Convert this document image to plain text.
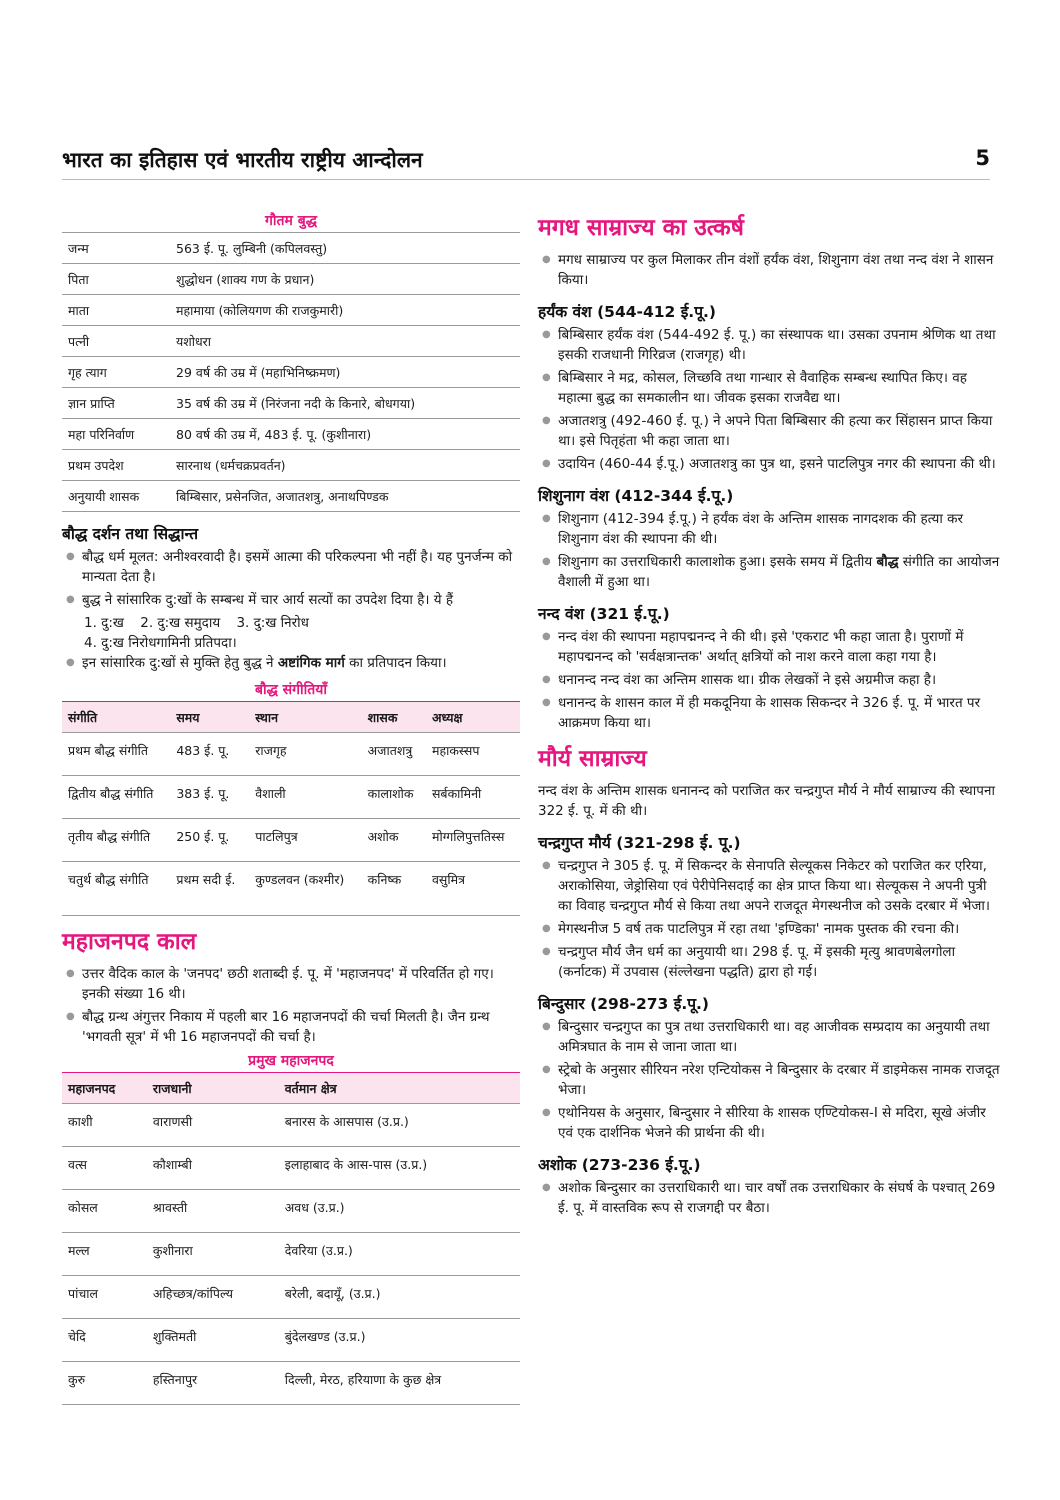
भारत का इतिहास एवं भारतीय राष्ट्रीय आन्दोलन	5
गौतम बुद्ध
जन्म	563 ई. पू. लुम्बिनी (कपिलवस्तु)
पिता	शुद्धोधन (शाक्य गण के प्रधान)
माता	महामाया (कोलियगण की राजकुमारी)
पत्नी	यशोधरा
गृह त्याग	29 वर्ष की उम्र में (महाभिनिष्क्रमण)
ज्ञान प्राप्ति	35 वर्ष की उम्र में (निरंजना नदी के किनारे, बोधगया)
महा परिनिर्वाण	80 वर्ष की उम्र में, 483 ई. पू. (कुशीनारा)
प्रथम उपदेश	सारनाथ (धर्मचक्रप्रवर्तन)
अनुयायी शासक	बिम्बिसार, प्रसेनजित, अजातशत्रु, अनाथपिण्डक
बौद्ध दर्शन तथा सिद्धान्त
● बौद्ध धर्म मूलत: अनीश्वरवादी है। इसमें आत्मा की परिकल्पना भी नहीं है। यह पुनर्जन्म को मान्यता देता है।
● बुद्ध ने सांसारिक दु:खों के सम्बन्ध में चार आर्य सत्यों का उपदेश दिया है। ये हैं
1. दु:ख 2. दु:ख समुदाय 3. दु:ख निरोध
4. दु:ख निरोधगामिनी प्रतिपदा।
● इन सांसारिक दु:खों से मुक्ति हेतु बुद्ध ने अष्टांगिक मार्ग का प्रतिपादन किया।
बौद्ध संगीतियाँ
संगीति	समय	स्थान	शासक	अध्यक्ष
प्रथम बौद्ध संगीति	483 ई. पू.	राजगृह	अजातशत्रु	महाकस्सप
द्वितीय बौद्ध संगीति	383 ई. पू.	वैशाली	कालाशोक	सर्बकामिनी
तृतीय बौद्ध संगीति	250 ई. पू.	पाटलिपुत्र	अशोक	मोग्गलिपुत्ततिस्स
चतुर्थ बौद्ध संगीति	प्रथम सदी ई.	कुण्डलवन (कश्मीर)	कनिष्क	वसुमित्र
महाजनपद काल
● उत्तर वैदिक काल के 'जनपद' छठी शताब्दी ई. पू. में 'महाजनपद' में परिवर्तित हो गए। इनकी संख्या 16 थी।
● बौद्ध ग्रन्थ अंगुत्तर निकाय में पहली बार 16 महाजनपदों की चर्चा मिलती है। जैन ग्रन्थ 'भगवती सूत्र' में भी 16 महाजनपदों की चर्चा है।
प्रमुख महाजनपद
महाजनपद	राजधानी	वर्तमान क्षेत्र
काशी	वाराणसी	बनारस के आसपास (उ.प्र.)
वत्स	कौशाम्बी	इलाहाबाद के आस-पास (उ.प्र.)
कोसल	श्रावस्ती	अवध (उ.प्र.)
मल्ल	कुशीनारा	देवरिया (उ.प्र.)
पांचाल	अहिच्छत्र/कांपिल्य	बरेली, बदायूँ, (उ.प्र.)
चेदि	शुक्तिमती	बुंदेलखण्ड (उ.प्र.)
कुरु	हस्तिनापुर	दिल्ली, मेरठ, हरियाणा के कुछ क्षेत्र
मगध साम्राज्य का उत्कर्ष
● मगध साम्राज्य पर कुल मिलाकर तीन वंशों हर्यंक वंश, शिशुनाग वंश तथा नन्द वंश ने शासन किया।
हर्यंक वंश (544-412 ई.पू.)
● बिम्बिसार हर्यंक वंश (544-492 ई. पू.) का संस्थापक था। उसका उपनाम श्रेणिक था तथा इसकी राजधानी गिरिव्रज (राजगृह) थी।
● बिम्बिसार ने मद्र, कोसल, लिच्छवि तथा गान्धार से वैवाहिक सम्बन्ध स्थापित किए। वह महात्मा बुद्ध का समकालीन था। जीवक इसका राजवैद्य था।
● अजातशत्रु (492-460 ई. पू.) ने अपने पिता बिम्बिसार की हत्या कर सिंहासन प्राप्त किया था। इसे पितृहंता भी कहा जाता था।
● उदायिन (460-44 ई.पू.) अजातशत्रु का पुत्र था, इसने पाटलिपुत्र नगर की स्थापना की थी।
शिशुनाग वंश (412-344 ई.पू.)
● शिशुनाग (412-394 ई.पू.) ने हर्यंक वंश के अन्तिम शासक नागदशक की हत्या कर शिशुनाग वंश की स्थापना की थी।
● शिशुनाग का उत्तराधिकारी कालाशोक हुआ। इसके समय में द्वितीय बौद्ध संगीति का आयोजन वैशाली में हुआ था।
नन्द वंश (321 ई.पू.)
● नन्द वंश की स्थापना महापद्मनन्द ने की थी। इसे 'एकराट भी कहा जाता है। पुराणों में महापद्मनन्द को 'सर्वक्षत्रान्तक' अर्थात् क्षत्रियों को नाश करने वाला कहा गया है।
● धनानन्द नन्द वंश का अन्तिम शासक था। ग्रीक लेखकों ने इसे अग्रमीज कहा है।
● धनानन्द के शासन काल में ही मकदूनिया के शासक सिकन्दर ने 326 ई. पू. में भारत पर आक्रमण किया था।
मौर्य साम्राज्य
नन्द वंश के अन्तिम शासक धनानन्द को पराजित कर चन्द्रगुप्त मौर्य ने मौर्य साम्राज्य की स्थापना 322 ई. पू. में की थी।
चन्द्रगुप्त मौर्य (321-298 ई. पू.)
● चन्द्रगुप्त ने 305 ई. पू. में सिकन्दर के सेनापति सेल्यूकस निकेटर को पराजित कर एरिया, अराकोसिया, जेड्रोसिया एवं पेरीपेनिसदाई का क्षेत्र प्राप्त किया था। सेल्यूकस ने अपनी पुत्री का विवाह चन्द्रगुप्त मौर्य से किया तथा अपने राजदूत मेगस्थनीज को उसके दरबार में भेजा।
● मेगस्थनीज 5 वर्ष तक पाटलिपुत्र में रहा तथा 'इण्डिका' नामक पुस्तक की रचना की।
● चन्द्रगुप्त मौर्य जैन धर्म का अनुयायी था। 298 ई. पू. में इसकी मृत्यु श्रावणबेलगोला (कर्नाटक) में उपवास (संल्लेखना पद्धति) द्वारा हो गई।
बिन्दुसार (298-273 ई.पू.)
● बिन्दुसार चन्द्रगुप्त का पुत्र तथा उत्तराधिकारी था। वह आजीवक सम्प्रदाय का अनुयायी तथा अमित्रघात के नाम से जाना जाता था।
● स्ट्रेबो के अनुसार सीरियन नरेश एन्टियोकस ने बिन्दुसार के दरबार में डाइमेकस नामक राजदूत भेजा।
● एथोनियस के अनुसार, बिन्दुसार ने सीरिया के शासक एण्टियोकस-I से मदिरा, सूखे अंजीर एवं एक दार्शनिक भेजने की प्रार्थना की थी।
अशोक (273-236 ई.पू.)
● अशोक बिन्दुसार का उत्तराधिकारी था। चार वर्षों तक उत्तराधिकार के संघर्ष के पश्चात् 269 ई. पू. में वास्तविक रूप से राजगद्दी पर बैठा।
